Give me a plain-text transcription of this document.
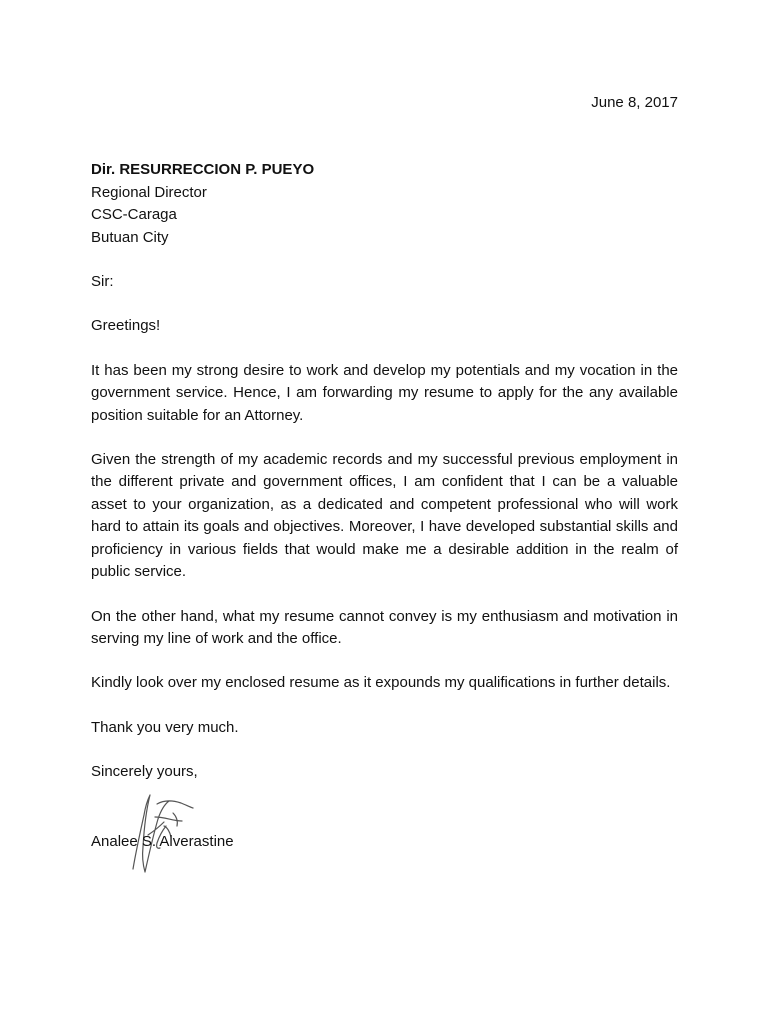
June 8, 2017
Dir. RESURRECCION P. PUEYO
Regional Director
CSC-Caraga
Butuan City

Sir:

Greetings!

It has been my strong desire to work and develop my potentials and my vocation in the government service. Hence, I am forwarding my resume to apply for the any available position suitable for an Attorney.

Given the strength of my academic records and my successful previous employment in the different private and government offices, I am confident that I can be a valuable asset to your organization, as a dedicated and competent professional who will work hard to attain its goals and objectives. Moreover, I have developed substantial skills and proficiency in various fields that would make me a desirable addition in the realm of public service.

On the other hand, what my resume cannot convey is my enthusiasm and motivation in serving my line of work and the office.

Kindly look over my enclosed resume as it expounds my qualifications in further details.

Thank you very much.

Sincerely yours,

Analee S. Alverastine
